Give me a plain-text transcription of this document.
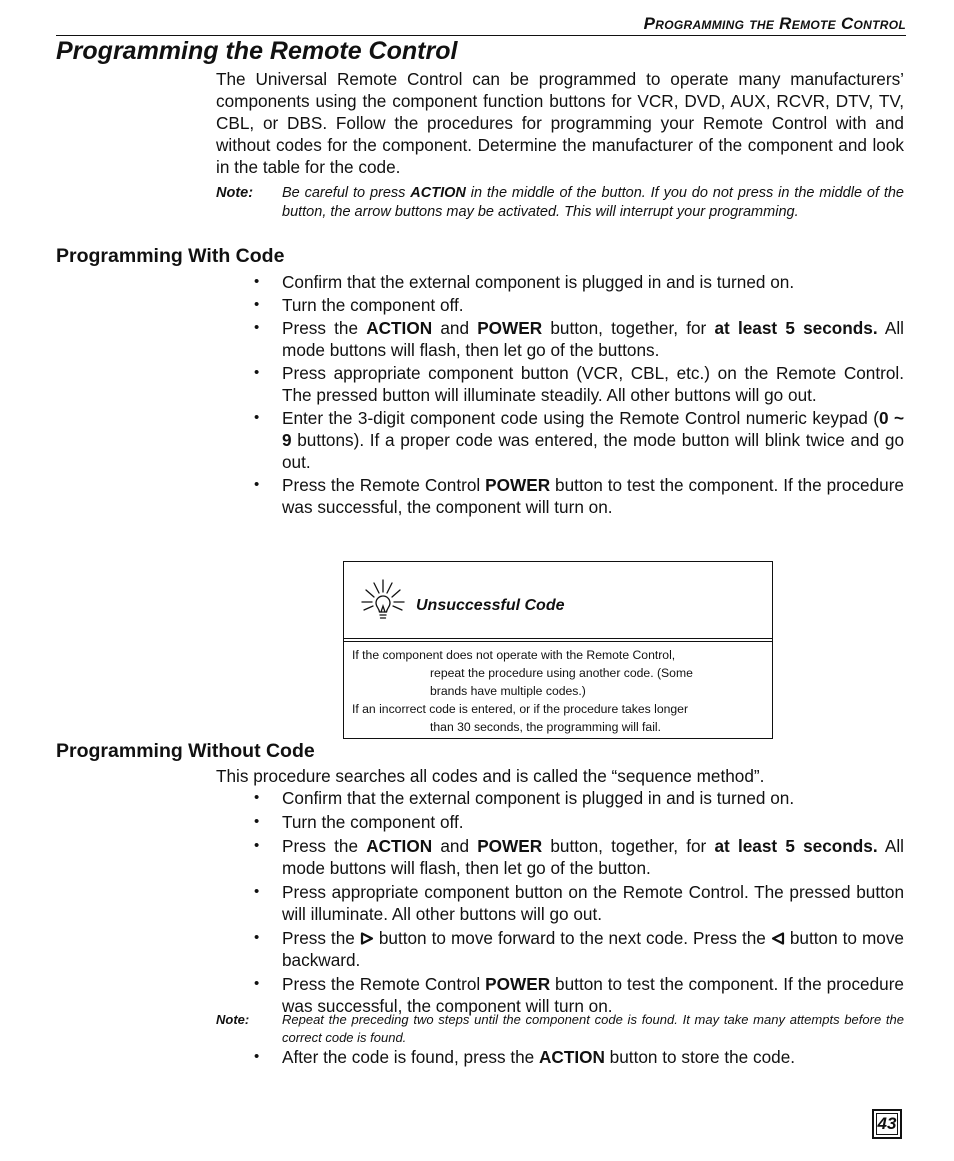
Programming the Remote Control
Programming the Remote Control

The Universal Remote Control can be programmed to operate many manufacturers’ components using the component function buttons for VCR, DVD, AUX, RCVR, DTV, TV, CBL, or DBS. Follow the procedures for programming your Remote Control with and without codes for the component. Determine the manufacturer of the component and look in the table for the code.

Note: Be careful to press ACTION in the middle of the button. If you do not press in the middle of the button, the arrow buttons may be activated. This will interrupt your programming.

Programming With Code
• Confirm that the external component is plugged in and is turned on.
• Turn the component off.
• Press the ACTION and POWER button, together, for at least 5 seconds. All mode buttons will flash, then let go of the buttons.
• Press appropriate component button (VCR, CBL, etc.) on the Remote Control. The pressed button will illuminate steadily. All other buttons will go out.
• Enter the 3-digit component code using the Remote Control numeric keypad (0 ~ 9 buttons). If a proper code was entered, the mode button will blink twice and go out.
• Press the Remote Control POWER button to test the component. If the procedure was successful, the component will turn on.
Unsuccessful Code

If the component does not operate with the Remote Control,

repeat the procedure using another code. (Some

brands have multiple codes.)

If an incorrect code is entered, or if the procedure takes longer

than 30 seconds, the programming will fail.

Programming Without Code

This procedure searches all codes and is called the “sequence method”.

• Confirm that the external component is plugged in and is turned on.
• Turn the component off.
• Press the ACTION and POWER button, together, for at least 5 seconds. All mode buttons will flash, then let go of the button.
• Press appropriate component button on the Remote Control. The pressed button will illuminate. All other buttons will go out.
• Press the  button to move forward to the next code. Press the  button to move backward.
• Press the Remote Control POWER button to test the component. If the procedure was successful, the component will turn on.

Note:	Repeat the preceding two steps until the component code is found. It may take many attempts before the correct code is found.

• After the code is found, press the ACTION button to store the code.
43
